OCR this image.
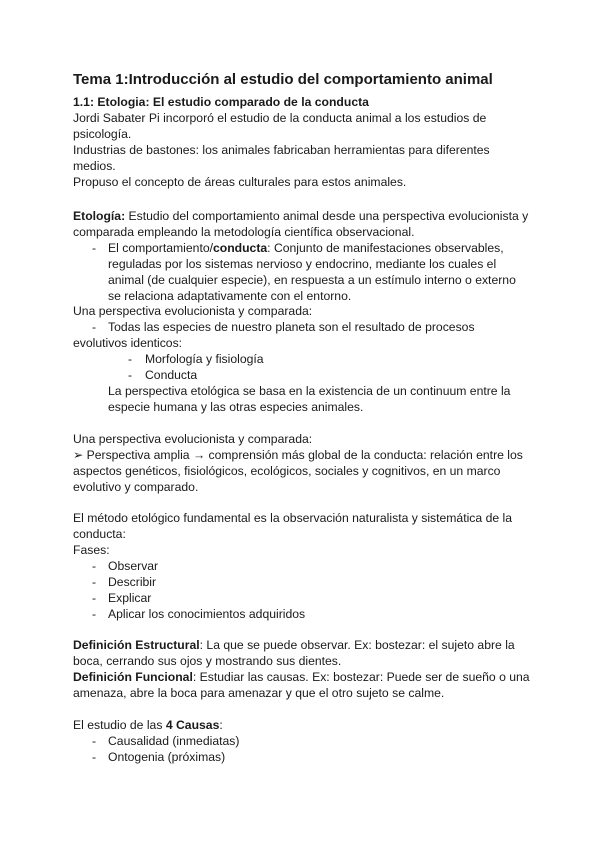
Tema 1:Introducción al estudio del comportamiento animal
1.1: Etologia: El estudio comparado de la conducta
Jordi Sabater Pi incorporó el estudio de la conducta animal a los estudios de
psicología.
Industrias de bastones: los animales fabricaban herramientas para diferentes
medios.
Propuso el concepto de áreas culturales para estos animales.
Etología: Estudio del comportamiento animal desde una perspectiva evolucionista y
comparada empleando la metodología científica observacional.
- El comportamiento/conducta: Conjunto de manifestaciones observables,
reguladas por los sistemas nervioso y endocrino, mediante los cuales el
animal (de cualquier especie), en respuesta a un estímulo interno o externo
se relaciona adaptativamente con el entorno.
Una perspectiva evolucionista y comparada:
- Todas las especies de nuestro planeta son el resultado de procesos
evolutivos identicos:
- Morfología y fisiología
- Conducta
La perspectiva etológica se basa en la existencia de un continuum entre la
especie humana y las otras especies animales.
Una perspectiva evolucionista y comparada:
➢ Perspectiva amplia → comprensión más global de la conducta: relación entre los
aspectos genéticos, fisiológicos, ecológicos, sociales y cognitivos, en un marco
evolutivo y comparado.
El método etológico fundamental es la observación naturalista y sistemática de la
conducta:
Fases:
- Observar
- Describir
- Explicar
- Aplicar los conocimientos adquiridos
Definición Estructural: La que se puede observar. Ex: bostezar: el sujeto abre la
boca, cerrando sus ojos y mostrando sus dientes.
Definición Funcional: Estudiar las causas. Ex: bostezar: Puede ser de sueño o una
amenaza, abre la boca para amenazar y que el otro sujeto se calme.
El estudio de las 4 Causas:
- Causalidad (inmediatas)
- Ontogenia (próximas)
